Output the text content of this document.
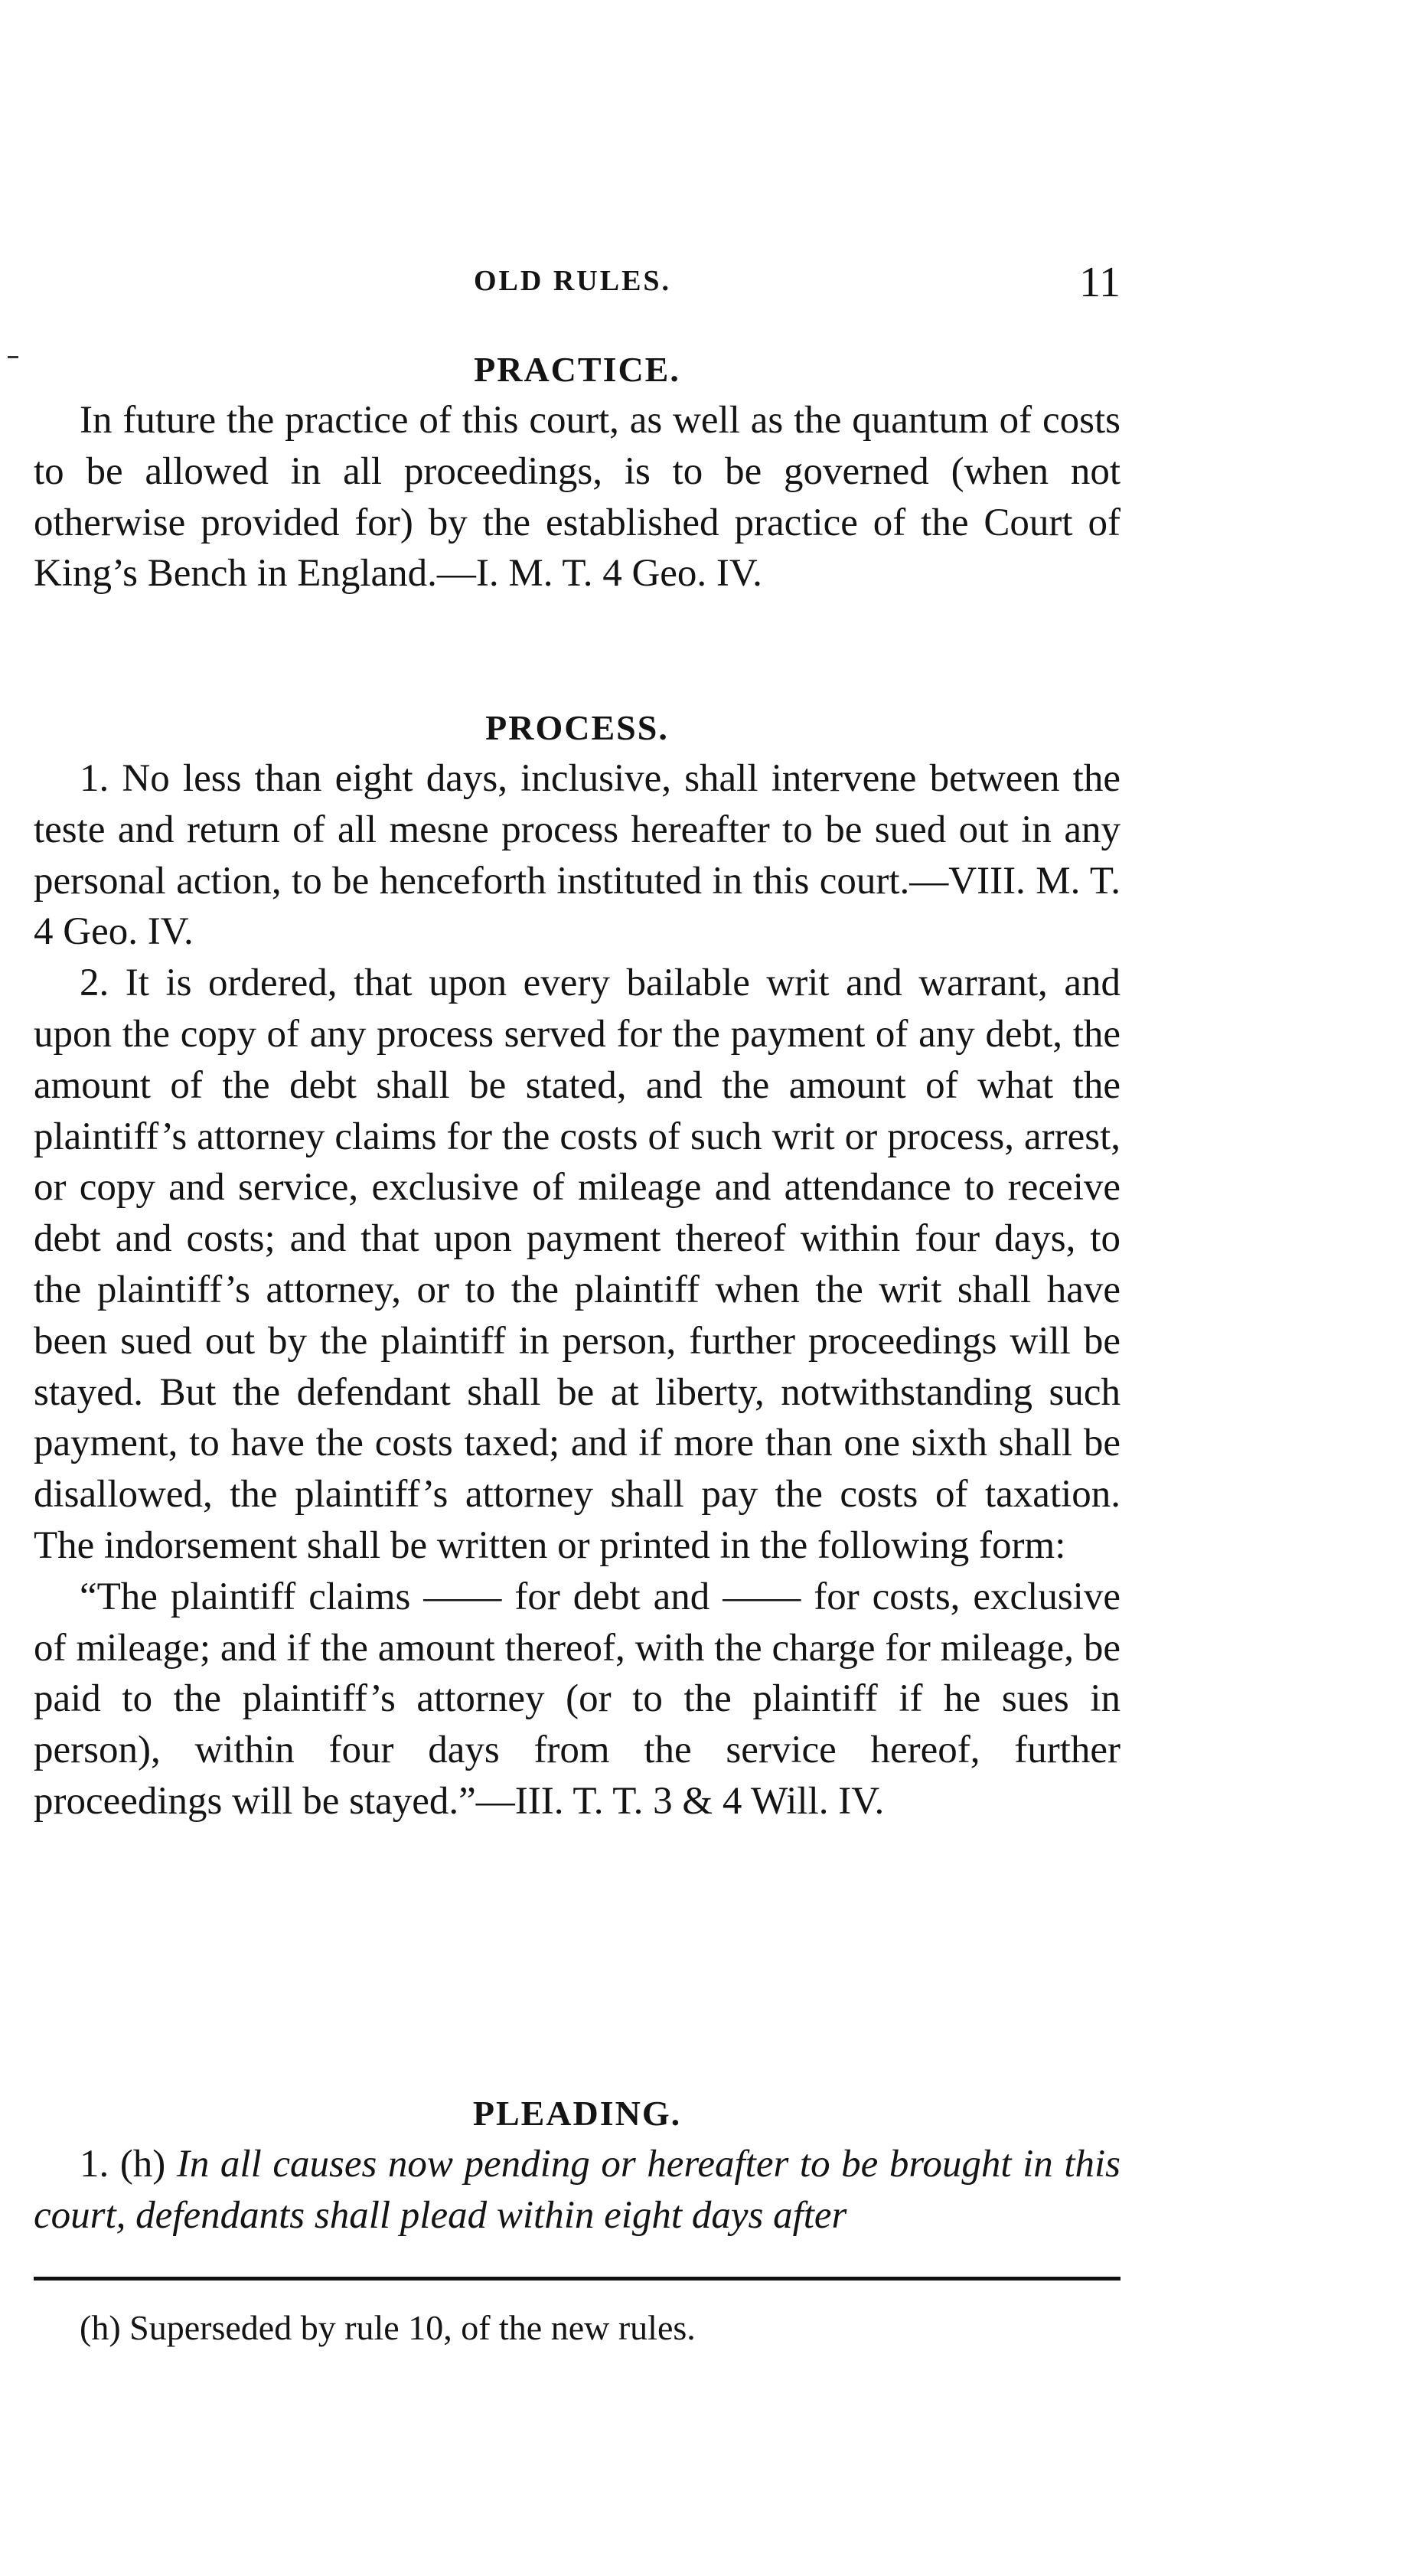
OLD RULES.	11
PRACTICE.

In future the practice of this court, as well as the quantum of costs to be allowed in all proceedings, is to be governed (when not otherwise provided for) by the established practice of the Court of King’s Bench in England.—I. M. T. 4 Geo. IV.

PROCESS.

1. No less than eight days, inclusive, shall intervene between the teste and return of all mesne process hereafter to be sued out in any personal action, to be henceforth instituted in this court.—VIII. M. T. 4 Geo. IV.

2. It is ordered, that upon every bailable writ and warrant, and upon the copy of any process served for the payment of any debt, the amount of the debt shall be stated, and the amount of what the plaintiff’s attorney claims for the costs of such writ or process, arrest, or copy and service, exclusive of mileage and attendance to receive debt and costs; and that upon payment thereof within four days, to the plaintiff’s attorney, or to the plaintiff when the writ shall have been sued out by the plaintiff in person, further proceedings will be stayed. But the defendant shall be at liberty, notwithstanding such payment, to have the costs taxed; and if more than one sixth shall be disallowed, the plaintiff’s attorney shall pay the costs of taxation. The indorsement shall be written or printed in the following form:

“The plaintiff claims —— for debt and —— for costs, exclusive of mileage; and if the amount thereof, with the charge for mileage, be paid to the plaintiff’s attorney (or to the plaintiff if he sues in person), within four days from the service hereof, further proceedings will be stayed.”—III. T. T. 3 & 4 Will. IV.

PLEADING.

1. (h) In all causes now pending or hereafter to be brought in this court, defendants shall plead within eight days after

(h) Superseded by rule 10, of the new rules.
